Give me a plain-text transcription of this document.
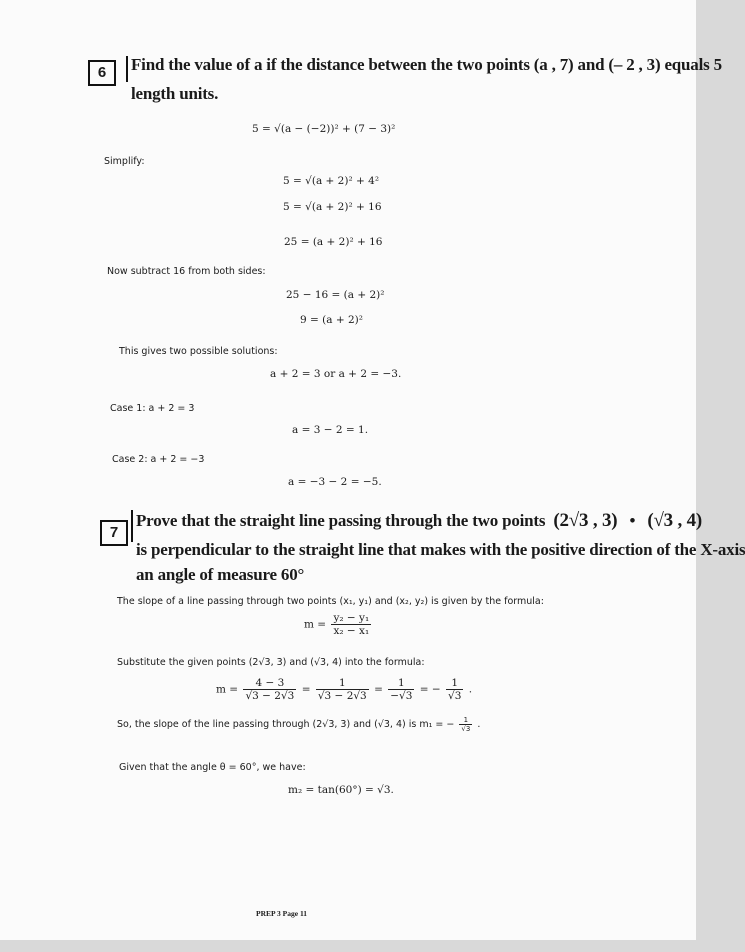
6	Find the value of a if the distance between the two points (a , 7) and (– 2 , 3) equals 5
length units.
5 = √(a − (−2))² + (7 − 3)²
Simplify:
5 = √(a + 2)² + 4²
5 = √(a + 2)² + 16
25 = (a + 2)² + 16
Now subtract 16 from both sides:
25 − 16 = (a + 2)²
9 = (a + 2)²
This gives two possible solutions:
a + 2 = 3 or a + 2 = −3.
Case 1: a + 2 = 3
a = 3 − 2 = 1.
Case 2: a + 2 = −3
a = −3 − 2 = −5.
7
Prove that the straight line passing through the two points (2√3 , 3) • (√3 , 4)
is perpendicular to the straight line that makes with the positive direction of the X-axis
an angle of measure 60°
The slope of a line passing through two points (x₁, y₁) and (x₂, y₂) is given by the formula:
$m = \frac{\text{y₂ − y₁}}{\text{x₂ − x₁}}$
Substitute the given points (2√3, 3) and (√3, 4) into the formula:
$m = \frac{4 - 3}{√3 - 2√3} = \frac{1}{√3 - 2√3} = \frac{1}{-√3}$ = − $\frac{1}{√3}$ .
So, the slope of the line passing through (2√3, 3) and (√3, 4) is m₁ = − $\frac{1}{√3}$ .
Given that the angle θ = 60°, we have:
m₂ = tan(60°) = √3.
PREP 3 Page 11
